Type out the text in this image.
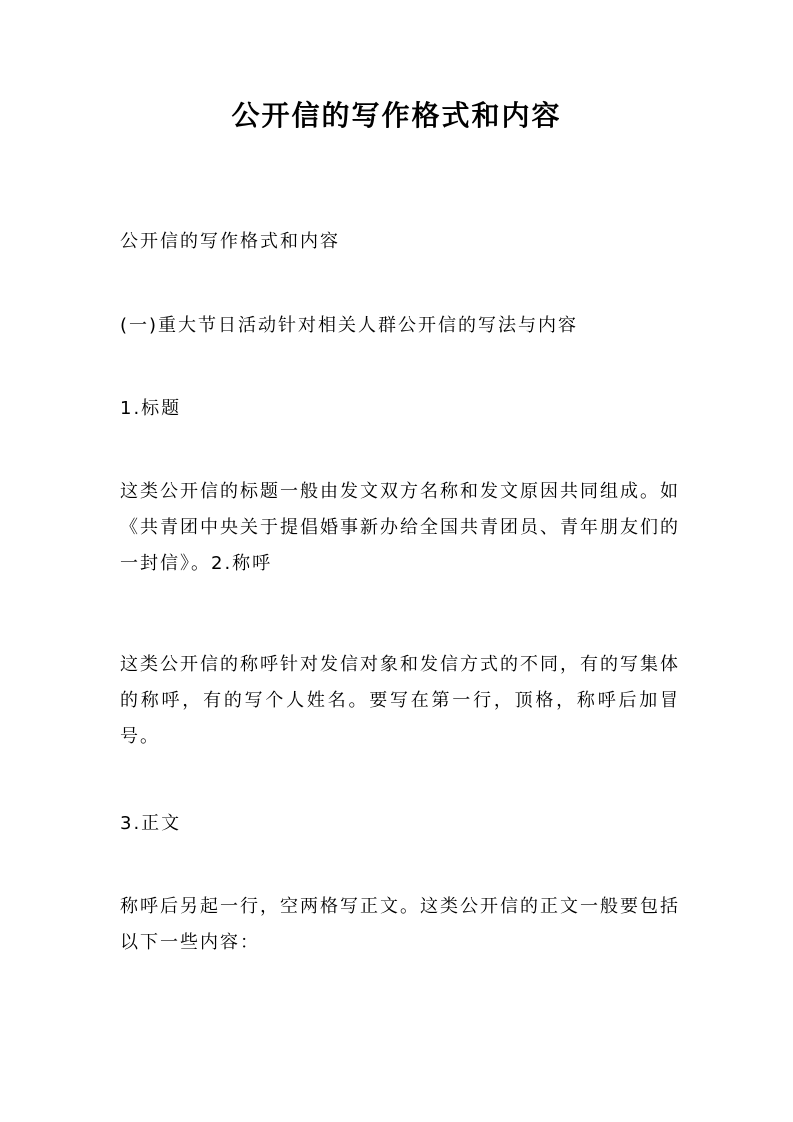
公开信的写作格式和内容

公开信的写作格式和内容

(一)重大节日活动针对相关人群公开信的写法与内容

1.标题

这类公开信的标题一般由发文双方名称和发文原因共同组成。如《共青团中央关于提倡婚事新办给全国共青团员、青年朋友们的一封信》。2.称呼

这类公开信的称呼针对发信对象和发信方式的不同，有的写集体的称呼，有的写个人姓名。要写在第一行，顶格，称呼后加冒号。

3.正文

称呼后另起一行，空两格写正文。这类公开信的正文一般要包括以下一些内容：
